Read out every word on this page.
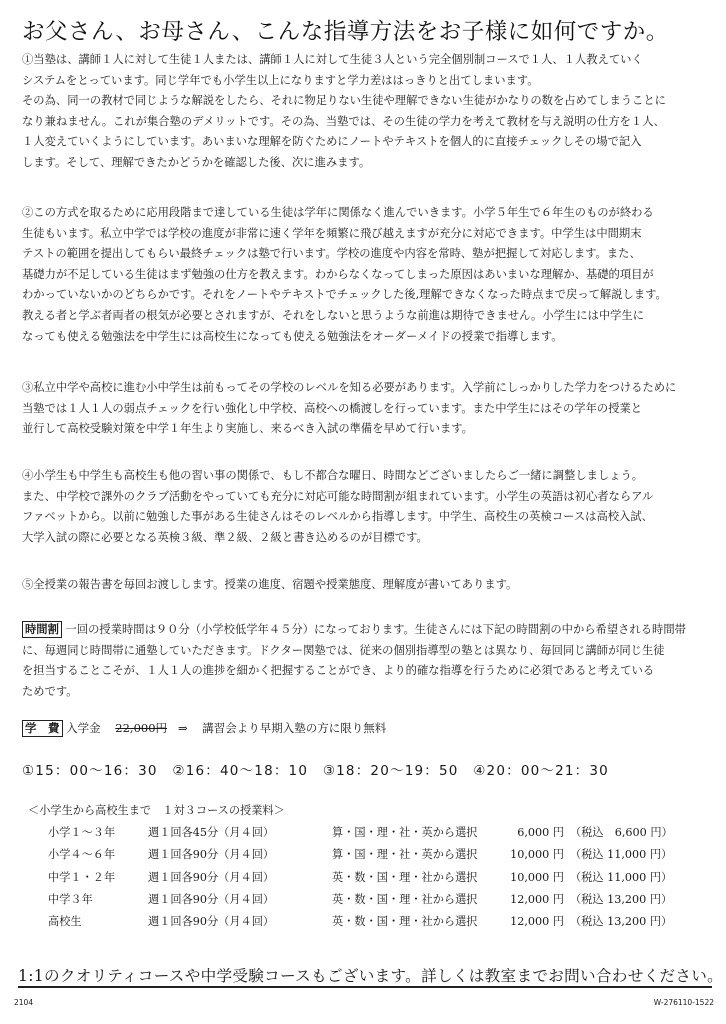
お父さん、お母さん、こんな指導方法をお子様に如何ですか。
①当塾は、講師１人に対して生徒１人または、講師１人に対して生徒３人という完全個別制コースで１人、１人教えていく
システムをとっています。同じ学年でも小学生以上になりますと学力差ははっきりと出てしまいます。
その為、同一の教材で同じような解説をしたら、それに物足りない生徒や理解できない生徒がかなりの数を占めてしまうことに
なり兼ねません。これが集合塾のデメリットです。その為、当塾では、その生徒の学力を考えて教材を与え説明の仕方を１人、
１人変えていくようにしています。あいまいな理解を防ぐためにノートやテキストを個人的に直接チェックしその場で記入
します。そして、理解できたかどうかを確認した後、次に進みます。
②この方式を取るために応用段階まで達している生徒は学年に関係なく進んでいきます。小学５年生で６年生のものが終わる
生徒もいます。私立中学では学校の進度が非常に速く学年を頻繁に飛び越えますが充分に対応できます。中学生は中間期末
テストの範囲を提出してもらい最終チェックは塾で行います。学校の進度や内容を常時、塾が把握して対応します。また、
基礎力が不足している生徒はまず勉強の仕方を教えます。わからなくなってしまった原因はあいまいな理解か、基礎的項目が
わかっていないかのどちらかです。それをノートやテキストでチェックした後,理解できなくなった時点まで戻って解説します。
教える者と学ぶ者両者の根気が必要とされますが、それをしないと思うような前進は期待できません。小学生には中学生に
なっても使える勉強法を中学生には高校生になっても使える勉強法をオーダーメイドの授業で指導します。
③私立中学や高校に進む小中学生は前もってその学校のレベルを知る必要があります。入学前にしっかりした学力をつけるために
当塾では１人１人の弱点チェックを行い強化し中学校、高校への橋渡しを行っています。また中学生にはその学年の授業と
並行して高校受験対策を中学１年生より実施し、来るべき入試の準備を早めて行います。
④小学生も中学生も高校生も他の習い事の関係で、もし不都合な曜日、時間などございましたらご一緒に調整しましょう。
また、中学校で課外のクラブ活動をやっていても充分に対応可能な時間割が組まれています。小学生の英語は初心者ならアル
ファベットから。以前に勉強した事がある生徒さんはそのレベルから指導します。中学生、高校生の英検コースは高校入試、
大学入試の際に必要となる英検３級、準２級、２級と書き込めるのが目標です。
⑤全授業の報告書を毎回お渡しします。授業の進度、宿題や授業態度、理解度が書いてあります。
時間割 一回の授業時間は９０分（小学校低学年４５分）になっております。生徒さんには下記の時間割の中から希望される時間帯
に、毎週同じ時間帯に通塾していただきます。ドクター関塾では、従来の個別指導型の塾とは異なり、毎回同じ講師が同じ生徒
を担当することこそが、１人１人の進捗を細かく把握することができ、より的確な指導を行うために必須であると考えている
ためです。
学　費 入学金 22,000円 ⇒ 講習会より早期入塾の方に限り無料
①15：00〜16：30　②16：40〜18：10　③18：20〜19：50　④20：00〜21：30
＜小学生から高校生まで　１対３コースの授業料＞
小学１〜３年	週１回各45分（月４回）	算・国・理・社・英から選択	6,000 円 （税込　6,600 円）
小学４〜６年	週１回各90分（月４回）	算・国・理・社・英から選択	10,000 円 （税込 11,000 円）
中学１・２年	週１回各90分（月４回）	英・数・国・理・社から選択	10,000 円 （税込 11,000 円）
中学３年	週１回各90分（月４回）	英・数・国・理・社から選択	12,000 円 （税込 13,200 円）
高校生	週１回各90分（月４回）	英・数・国・理・社から選択	12,000 円 （税込 13,200 円）
1:1のクオリティコースや中学受験コースもございます。詳しくは教室までお問い合わせください。
2104	W-276110-1522
